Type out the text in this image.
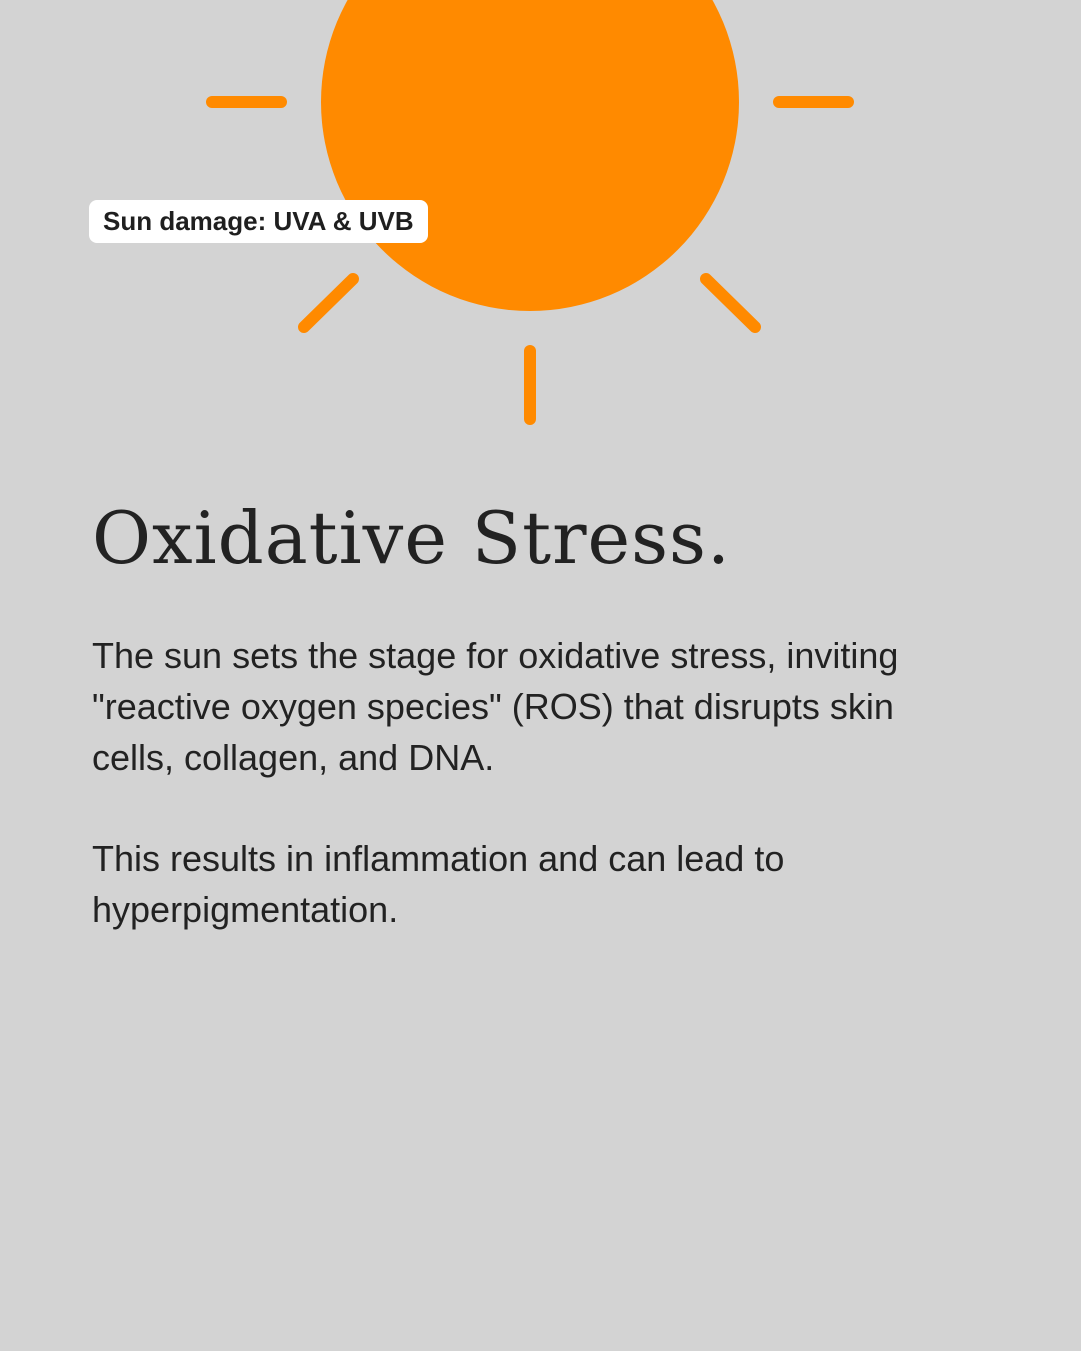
Sun damage: UVA & UVB
Oxidative Stress.

The sun sets the stage for oxidative stress, inviting "reactive oxygen species" (ROS) that disrupts skin cells, collagen, and DNA.

This results in inflammation and can lead to hyperpigmentation.
